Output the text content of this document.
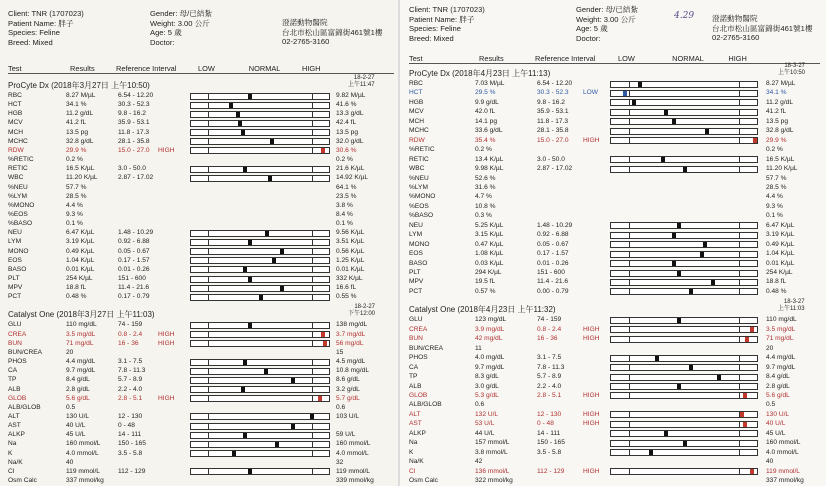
Client: TNR (1707023)
Patient Name: 胖子
Species: Feline
Breed: Mixed
Gender: 母/已結紮
Weight: 3.00 公斤
Age: 5 歲
Doctor:
澄諾動物醫院
台北市松山區富錦街461號1樓
02-2765-3160
Test	Results	Reference Interval	LOW	NORMAL	HIGH
ProCyte Dx (2018年3月27日 上午10:50)
18-2-27
上午11:47
RBC	8.27 M/µL	6.54 - 12.20	9.82 M/µL
HCT	34.1 %	30.3 - 52.3	41.6 %
HGB	11.2 g/dL	9.8 - 16.2	13.3 g/dL
MCV	41.2 fL	35.9 - 53.1	42.4 fL
MCH	13.5 pg	11.8 - 17.3	13.5 pg
MCHC	32.8 g/dL	28.1 - 35.8	32.0 g/dL
RDW	29.9 %	15.0 - 27.0 HIGH	30.6 %
%RETIC	0.2 %	0.2 %
RETIC	16.5 K/µL	3.0 - 50.0	21.6 K/µL
WBC	11.20 K/µL	2.87 - 17.02	14.92 K/µL
%NEU	57.7 %	64.1 %
%LYM	28.5 %	23.5 %
%MONO	4.4 %	3.8 %
%EOS	9.3 %	8.4 %
%BASO	0.1 %	0.1 %
NEU	6.47 K/µL	1.48 - 10.29	9.56 K/µL
LYM	3.19 K/µL	0.92 - 6.88	3.51 K/µL
MONO	0.49 K/µL	0.05 - 0.67	0.56 K/µL
EOS	1.04 K/µL	0.17 - 1.57	1.25 K/µL
BASO	0.01 K/µL	0.01 - 0.26	0.01 K/µL
PLT	254 K/µL	151 - 600	332 K/µL
MPV	18.8 fL	11.4 - 21.6	16.6 fL
PCT	0.48 %	0.17 - 0.79	0.55 %
Catalyst One (2018年3月27日 上午11:03)
18-2-27
下午12:00
GLU	110 mg/dL	74 - 159	138 mg/dL
CREA	3.5 mg/dL	0.8 - 2.4 HIGH	3.7 mg/dL
BUN	71 mg/dL	16 - 36	HIGH	56 mg/dL
BUN/CREA	20	15
PHOS	4.4 mg/dL	3.1 - 7.5	4.5 mg/dL
CA	9.7 mg/dL	7.8 - 11.3	10.8 mg/dL
TP	8.4 g/dL	5.7 - 8.9	8.6 g/dL
ALB	2.8 g/dL	2.2 - 4.0	3.2 g/dL
GLOB	5.6 g/dL	2.8 - 5.1 HIGH	5.7 g/dL
ALB/GLOB	0.5	0.6
ALT	130 U/L	12 - 130	103 U/L
AST	40 U/L	0 - 48
ALKP	45 U/L	14 - 111	59 U/L
Na	160 mmol/L	150 - 165	160 mmol/L
K	4.0 mmol/L	3.5 - 5.8	4.0 mmol/L
Na/K	40	32
Cl	119 mmol/L	112 - 129	119 mmol/L
Osm Calc	337 mmol/kg	339 mmol/kg
Client: TNR (1707023)
Patient Name: 胖子
Species: Feline
Breed: Mixed
Gender: 母/已結紮
Weight: 3.00 公斤
Age: 5 歲
Doctor:
澄諾動物醫院
台北市松山區富錦街461號1樓
02-2765-3160
4.29
Test	Results	Reference Interval	LOW	NORMAL	HIGH
ProCyte Dx (2018年4月23日 上午11:13)
18-3-27
上午10:50
RBC	7.03 M/µL	6.54 - 12.20	8.27 M/µL
HCT	29.5 %	30.3 - 52.3 LOW	34.1 %
HGB	9.9 g/dL	9.8 - 16.2	11.2 g/dL
MCV	42.0 fL	35.9 - 53.1	41.2 fL
MCH	14.1 pg	11.8 - 17.3	13.5 pg
MCHC	33.6 g/dL	28.1 - 35.8	32.8 g/dL
RDW	35.4 %	15.0 - 27.0 HIGH	29.9 %
%RETIC	0.2 %	0.2 %
RETIC	13.4 K/µL	3.0 - 50.0	16.5 K/µL
WBC	9.98 K/µL	2.87 - 17.02	11.20 K/µL
%NEU	52.6 %	57.7 %
%LYM	31.6 %	28.5 %
%MONO	4.7 %	4.4 %
%EOS	10.8 %	9.3 %
%BASO	0.3 %	0.1 %
NEU	5.25 K/µL	1.48 - 10.29	6.47 K/µL
LYM	3.15 K/µL	0.92 - 6.88	3.19 K/µL
MONO	0.47 K/µL	0.05 - 0.67	0.49 K/µL
EOS	1.08 K/µL	0.17 - 1.57	1.04 K/µL
BASO	0.03 K/µL	0.01 - 0.26	0.01 K/µL
PLT	294 K/µL	151 - 600	254 K/µL
MPV	19.5 fL	11.4 - 21.6	18.8 fL
PCT	0.57 %	0.00 - 0.79	0.48 %
Catalyst One (2018年4月23日 上午11:32)
18-3-27
上午11:03
GLU	123 mg/dL	74 - 159	110 mg/dL
CREA	3.9 mg/dL	0.8 - 2.4	HIGH	3.5 mg/dL
BUN	42 mg/dL	16 - 36	HIGH	71 mg/dL
BUN/CREA	11	20
PHOS	4.0 mg/dL	3.1 - 7.5	4.4 mg/dL
CA	9.7 mg/dL	7.8 - 11.3	9.7 mg/dL
TP	8.3 g/dL	5.7 - 8.9	8.4 g/dL
ALB	3.0 g/dL	2.2 - 4.0	2.8 g/dL
GLOB	5.3 g/dL	2.8 - 5.1	HIGH	5.6 g/dL
ALB/GLOB	0.6	0.5
ALT	132 U/L	12 - 130	HIGH	130 U/L
AST	53 U/L	0 - 48	HIGH	40 U/L
ALKP	44 U/L	14 - 111	45 U/L
Na	157 mmol/L	150 - 165	160 mmol/L
K	3.8 mmol/L	3.5 - 5.8	4.0 mmol/L
Na/K	42	40
Cl	136 mmol/L	112 - 129	HIGH	119 mmol/L
Osm Calc	322 mmol/kg	337 mmol/kg
